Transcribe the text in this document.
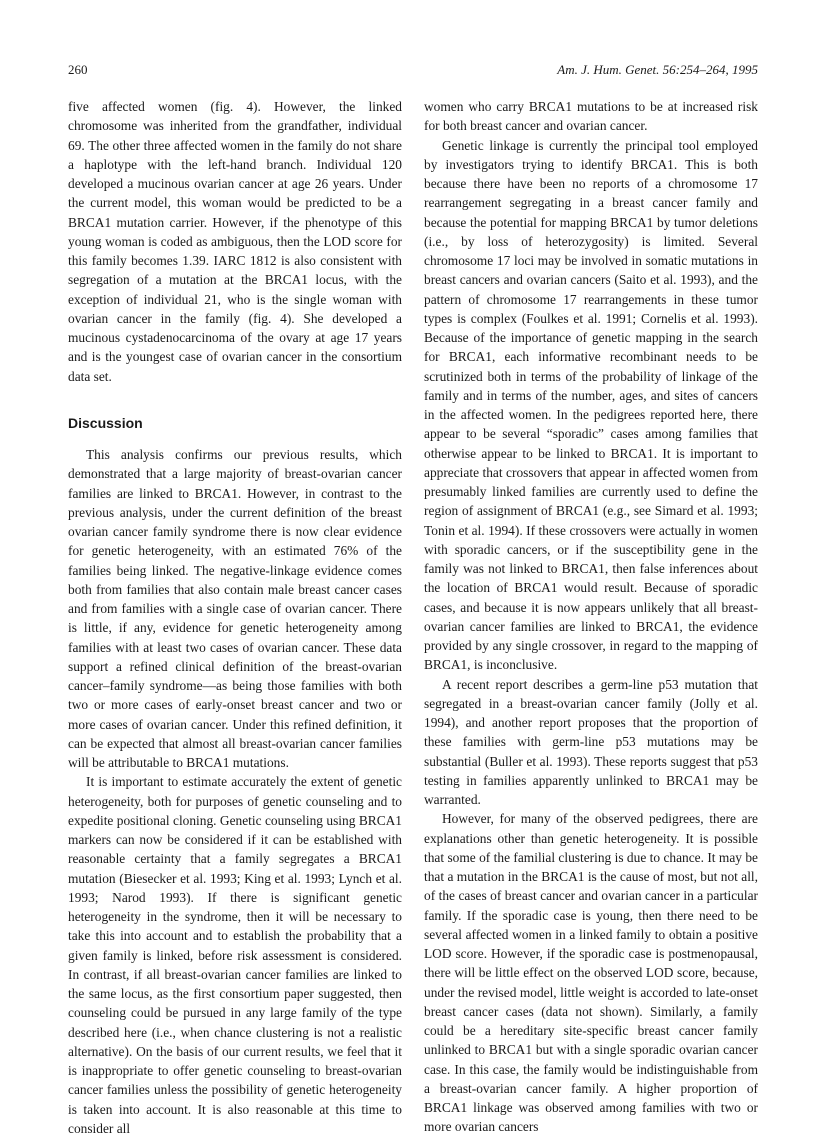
260	Am. J. Hum. Genet. 56:254–264, 1995

five affected women (fig. 4). However, the linked chromosome was inherited from the grandfather, individual 69. The other three affected women in the family do not share a haplotype with the left-hand branch. Individual 120 developed a mucinous ovarian cancer at age 26 years. Under the current model, this woman would be predicted to be a BRCA1 mutation carrier. However, if the phenotype of this young woman is coded as ambiguous, then the LOD score for this family becomes 1.39. IARC 1812 is also consistent with segregation of a mutation at the BRCA1 locus, with the exception of individual 21, who is the single woman with ovarian cancer in the family (fig. 4). She developed a mucinous cystadenocarcinoma of the ovary at age 17 years and is the youngest case of ovarian cancer in the consortium data set.

Discussion

This analysis confirms our previous results, which demonstrated that a large majority of breast-ovarian cancer families are linked to BRCA1. However, in contrast to the previous analysis, under the current definition of the breast ovarian cancer family syndrome there is now clear evidence for genetic heterogeneity, with an estimated 76% of the families being linked. The negative-linkage evidence comes both from families that also contain male breast cancer cases and from families with a single case of ovarian cancer. There is little, if any, evidence for genetic heterogeneity among families with at least two cases of ovarian cancer. These data support a refined clinical definition of the breast-ovarian cancer–family syndrome—as being those families with both two or more cases of early-onset breast cancer and two or more cases of ovarian cancer. Under this refined definition, it can be expected that almost all breast-ovarian cancer families will be attributable to BRCA1 mutations.

It is important to estimate accurately the extent of genetic heterogeneity, both for purposes of genetic counseling and to expedite positional cloning. Genetic counseling using BRCA1 markers can now be considered if it can be established with reasonable certainty that a family segregates a BRCA1 mutation (Biesecker et al. 1993; King et al. 1993; Lynch et al. 1993; Narod 1993). If there is significant genetic heterogeneity in the syndrome, then it will be necessary to take this into account and to establish the probability that a given family is linked, before risk assessment is considered. In contrast, if all breast-ovarian cancer families are linked to the same locus, as the first consortium paper suggested, then counseling could be pursued in any large family of the type described here (i.e., when chance clustering is not a realistic alternative). On the basis of our current results, we feel that it is inappropriate to offer genetic counseling to breast-ovarian cancer families unless the possibility of genetic heterogeneity is taken into account. It is also reasonable at this time to consider all

women who carry BRCA1 mutations to be at increased risk for both breast cancer and ovarian cancer.

Genetic linkage is currently the principal tool employed by investigators trying to identify BRCA1. This is both because there have been no reports of a chromosome 17 rearrangement segregating in a breast cancer family and because the potential for mapping BRCA1 by tumor deletions (i.e., by loss of heterozygosity) is limited. Several chromosome 17 loci may be involved in somatic mutations in breast cancers and ovarian cancers (Saito et al. 1993), and the pattern of chromosome 17 rearrangements in these tumor types is complex (Foulkes et al. 1991; Cornelis et al. 1993). Because of the importance of genetic mapping in the search for BRCA1, each informative recombinant needs to be scrutinized both in terms of the probability of linkage of the family and in terms of the number, ages, and sites of cancers in the affected women. In the pedigrees reported here, there appear to be several “sporadic” cases among families that otherwise appear to be linked to BRCA1. It is important to appreciate that crossovers that appear in affected women from presumably linked families are currently used to define the region of assignment of BRCA1 (e.g., see Simard et al. 1993; Tonin et al. 1994). If these crossovers were actually in women with sporadic cancers, or if the susceptibility gene in the family was not linked to BRCA1, then false inferences about the location of BRCA1 would result. Because of sporadic cases, and because it is now appears unlikely that all breast-ovarian cancer families are linked to BRCA1, the evidence provided by any single crossover, in regard to the mapping of BRCA1, is inconclusive.

A recent report describes a germ-line p53 mutation that segregated in a breast-ovarian cancer family (Jolly et al. 1994), and another report proposes that the proportion of these families with germ-line p53 mutations may be substantial (Buller et al. 1993). These reports suggest that p53 testing in families apparently unlinked to BRCA1 may be warranted.

However, for many of the observed pedigrees, there are explanations other than genetic heterogeneity. It is possible that some of the familial clustering is due to chance. It may be that a mutation in the BRCA1 is the cause of most, but not all, of the cases of breast cancer and ovarian cancer in a particular family. If the sporadic case is young, then there need to be several affected women in a linked family to obtain a positive LOD score. However, if the sporadic case is postmenopausal, there will be little effect on the observed LOD score, because, under the revised model, little weight is accorded to late-onset breast cancer cases (data not shown). Similarly, a family could be a hereditary site-specific breast cancer family unlinked to BRCA1 but with a single sporadic ovarian cancer case. In this case, the family would be indistinguishable from a breast-ovarian cancer family. A higher proportion of BRCA1 linkage was observed among families with two or more ovarian cancers
